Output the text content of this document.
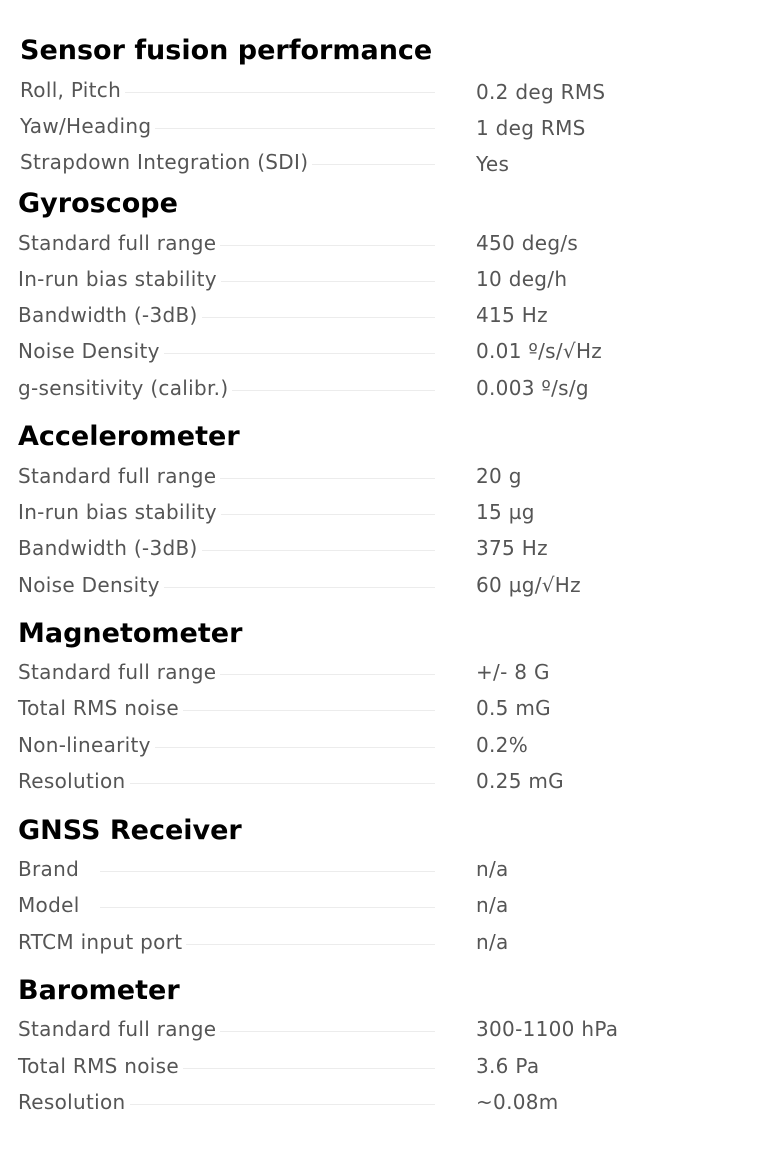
Sensor fusion performance
Roll, Pitch	0.2 deg RMS
Yaw/Heading	1 deg RMS
Strapdown Integration (SDI)	Yes
Gyroscope
Standard full range	450 deg/s
In-run bias stability	10 deg/h
Bandwidth (-3dB)	415 Hz
Noise Density	0.01 º/s/√Hz
g-sensitivity (calibr.)	0.003 º/s/g
Accelerometer
Standard full range	20 g
In-run bias stability	15 µg
Bandwidth (-3dB)	375 Hz
Noise Density	60 µg/√Hz
Magnetometer
Standard full range	+/- 8 G
Total RMS noise	0.5 mG
Non-linearity	0.2%
Resolution	0.25 mG
GNSS Receiver
Brand	n/a
Model	n/a
RTCM input port	n/a
Barometer
Standard full range	300-1100 hPa
Total RMS noise	3.6 Pa
Resolution	~0.08m
